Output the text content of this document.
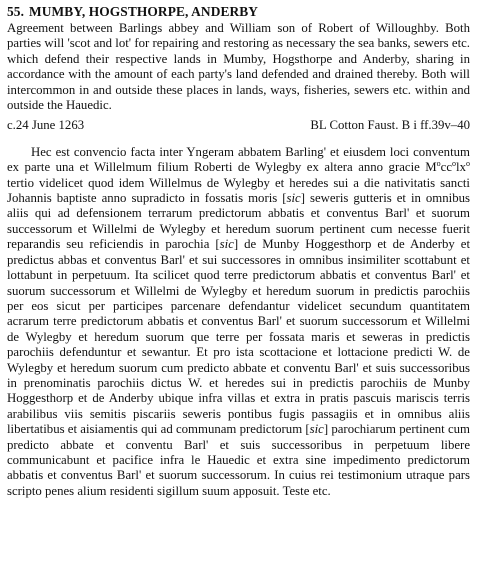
55. MUMBY, HOGSTHORPE, ANDERBY
Agreement between Barlings abbey and William son of Robert of Willoughby. Both parties will 'scot and lot' for repairing and restoring as necessary the sea banks, sewers etc. which defend their respective lands in Mumby, Hogsthorpe and Anderby, sharing in accordance with the amount of each party's land defended and drained thereby. Both will intercommon in and outside these places in lands, ways, fisheries, sewers etc. within and outside the Hauedic.
c.24 June 1263	BL Cotton Faust. B i ff.39v–40
Hec est convencio facta inter Yngeram abbatem Barling' et eiusdem loci conventum ex parte una et Willelmum filium Roberti de Wylegby ex altera anno gracie $M^occ^olx^o$ tertio videlicet quod idem Willelmus de Wylegby et heredes sui a die nativitatis sancti Johannis baptiste anno supradicto in fossatis moris [sic] seweris gutteris et in omnibus aliis qui ad defensionem terrarum predictorum abbatis et conventus Barl' et suorum successorum et Willelmi de Wylegby et heredum suorum pertinent cum necesse fuerit reparandis seu reficiendis in parochia [sic] de Munby Hoggesthorp et de Anderby et predictus abbas et conventus Barl' et sui successores in omnibus insimiliter scottabunt et lottabunt in perpetuum. Ita scilicet quod terre predictorum abbatis et conventus Barl' et suorum successorum et Willelmi de Wylegby et heredum suorum in predictis parochiis per eos sicut per participes parcenare defendantur videlicet secundum quantitatem acrarum terre predictorum abbatis et conventus Barl' et suorum successorum et Willelmi de Wylegby et heredum suorum que terre per fossata maris et seweras in predictis parochiis defenduntur et sewantur. Et pro ista scottacione et lottacione predicti W. de Wylegby et heredum suorum cum predicto abbate et conventu Barl' et suis successoribus in prenominatis parochiis dictus W. et heredes sui in predictis parochiis de Munby Hoggesthorp et de Anderby ubique infra villas et extra in pratis pascuis mariscis terris arabilibus viis semitis piscariis seweris pontibus fugis passagiis et in omnibus aliis libertatibus et aisiamentis qui ad communam predictorum [sic] parochiarum pertinent cum predicto abbate et conventu Barl' et suis successoribus in perpetuum libere communicabunt et pacifice infra le Hauedic et extra sine impedimento predictorum abbatis et conventus Barl' et suorum successorum. In cuius rei testimonium utraque pars scripto penes alium residenti sigillum suum apposuit. Teste etc.
